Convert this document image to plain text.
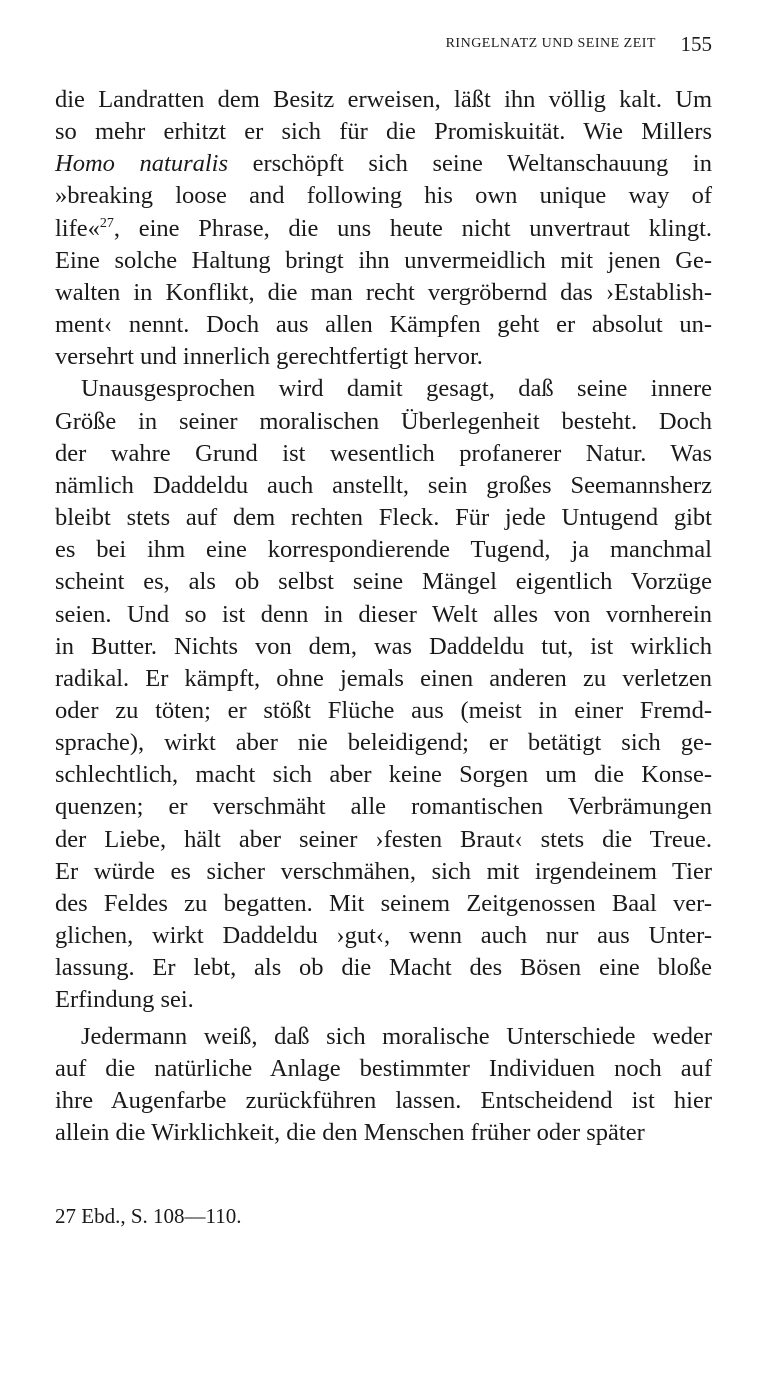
RINGELNATZ UND SEINE ZEIT 155

die Landratten dem Besitz erweisen, läßt ihn völlig kalt. Um
so mehr erhitzt er sich für die Promiskuität. Wie Millers
Homo naturalis erschöpft sich seine Weltanschauung in
»breaking loose and following his own unique way of
life«$^{27}$, eine Phrase, die uns heute nicht unvertraut klingt.
Eine solche Haltung bringt ihn unvermeidlich mit jenen Ge-
walten in Konflikt, die man recht vergröbernd das ›Establish-
ment‹ nennt. Doch aus allen Kämpfen geht er absolut un-
versehrt und innerlich gerechtfertigt hervor.

Unausgesprochen wird damit gesagt, daß seine innere
Größe in seiner moralischen Überlegenheit besteht. Doch
der wahre Grund ist wesentlich profanerer Natur. Was
nämlich Daddeldu auch anstellt, sein großes Seemannsherz
bleibt stets auf dem rechten Fleck. Für jede Untugend gibt
es bei ihm eine korrespondierende Tugend, ja manchmal
scheint es, als ob selbst seine Mängel eigentlich Vorzüge
seien. Und so ist denn in dieser Welt alles von vornherein
in Butter. Nichts von dem, was Daddeldu tut, ist wirklich
radikal. Er kämpft, ohne jemals einen anderen zu verletzen
oder zu töten; er stößt Flüche aus (meist in einer Fremd-
sprache), wirkt aber nie beleidigend; er betätigt sich ge-
schlechtlich, macht sich aber keine Sorgen um die Konse-
quenzen; er verschmäht alle romantischen Verbrämungen
der Liebe, hält aber seiner ›festen Braut‹ stets die Treue.
Er würde es sicher verschmähen, sich mit irgendeinem Tier
des Feldes zu begatten. Mit seinem Zeitgenossen Baal ver-
glichen, wirkt Daddeldu ›gut‹, wenn auch nur aus Unter-
lassung. Er lebt, als ob die Macht des Bösen eine bloße
Erfindung sei.

Jedermann weiß, daß sich moralische Unterschiede weder
auf die natürliche Anlage bestimmter Individuen noch auf
ihre Augenfarbe zurückführen lassen. Entscheidend ist hier
allein die Wirklichkeit, die den Menschen früher oder später

27 Ebd., S. 108—110.
